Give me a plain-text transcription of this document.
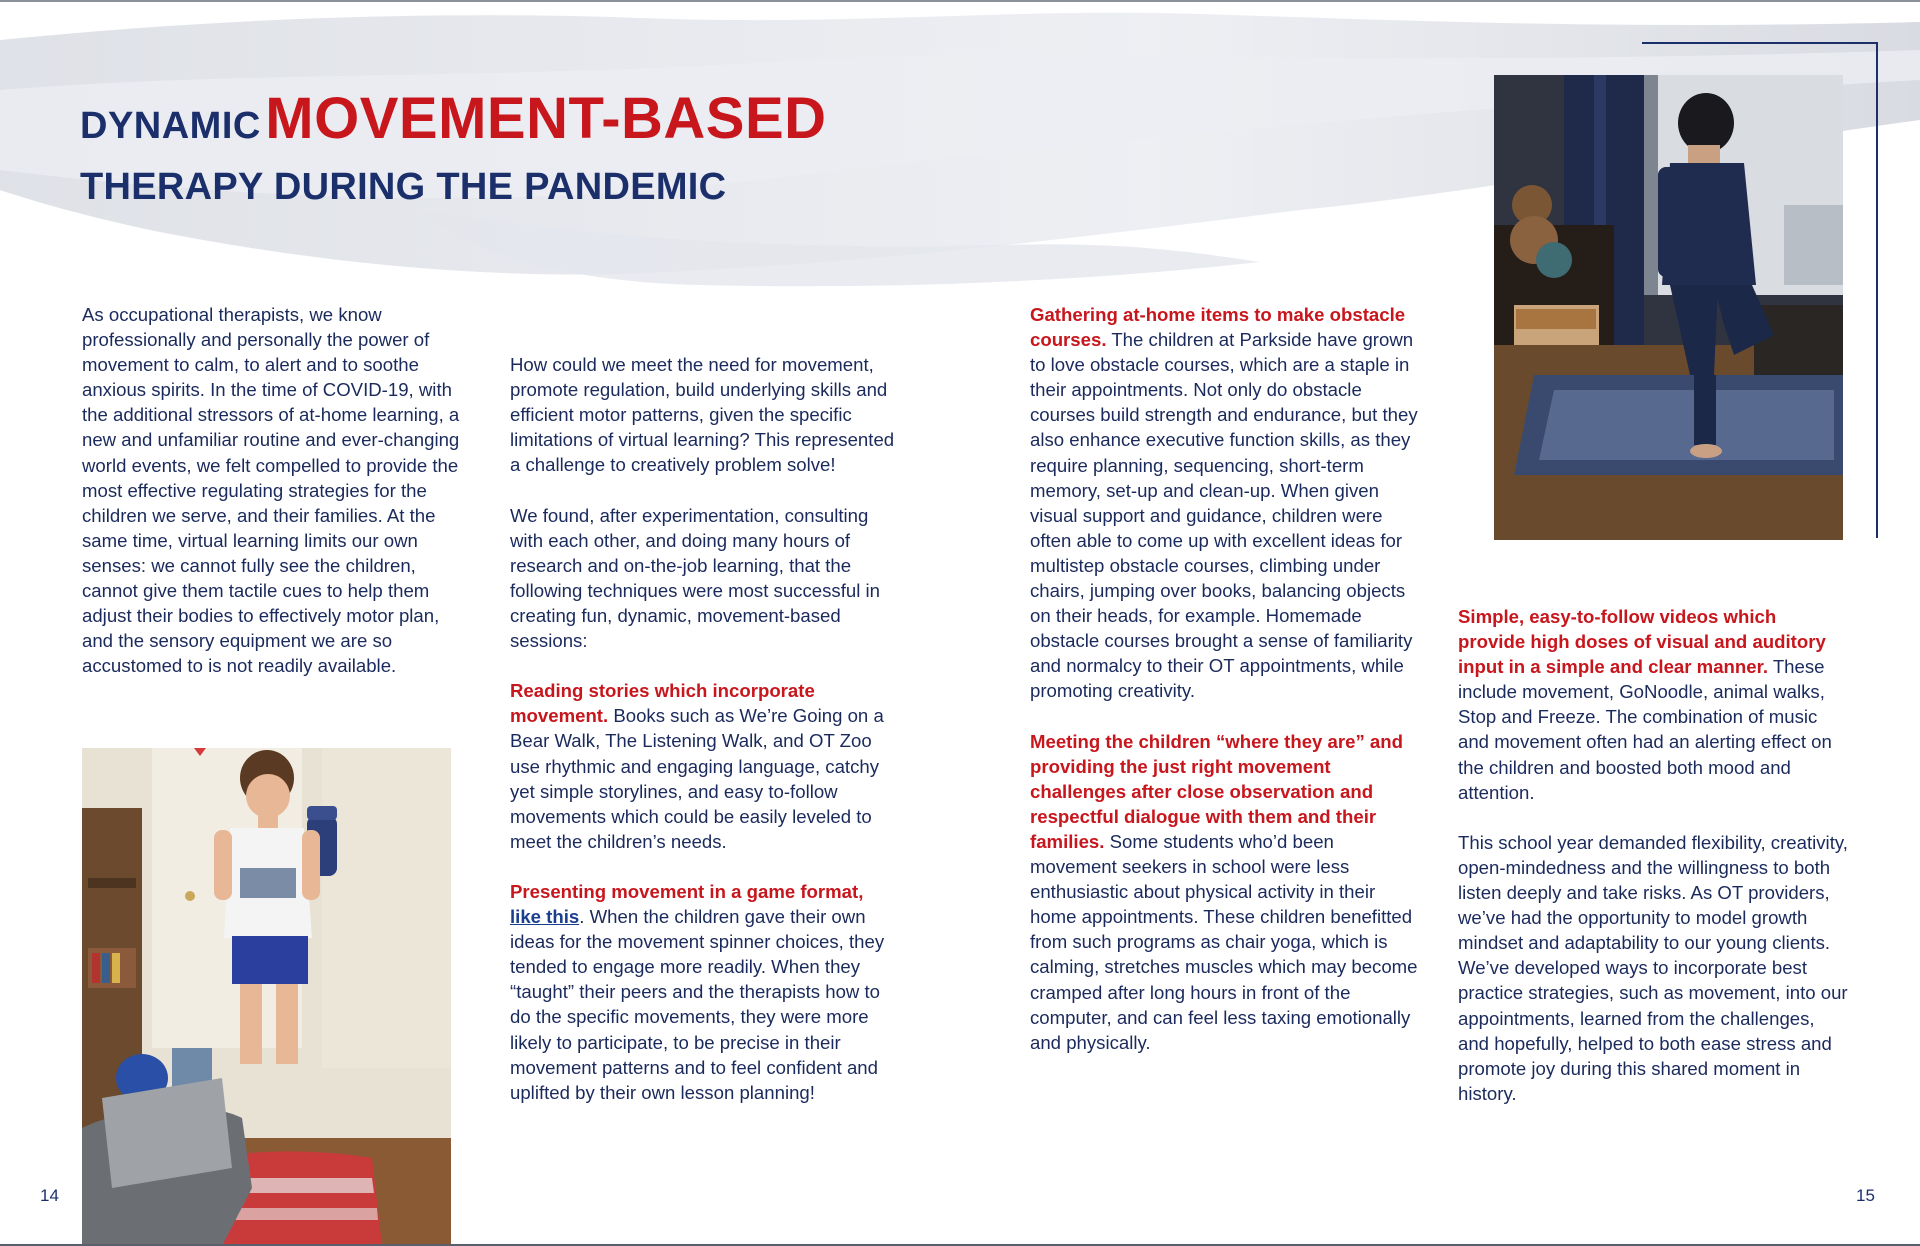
DYNAMIC MOVEMENT-BASED
THERAPY DURING THE PANDEMIC

As occupational therapists, we know professionally and personally the power of movement to calm, to alert and to soothe anxious spirits. In the time of COVID-19, with the additional stressors of at-home learning, a new and unfamiliar routine and ever-changing world events, we felt compelled to provide the most effective regulating strategies for the children we serve, and their families. At the same time, virtual learning limits our own senses: we cannot fully see the children, cannot give them tactile cues to help them adjust their bodies to effectively motor plan, and the sensory equipment we are so accustomed to is not readily available.

How could we meet the need for movement, promote regulation, build underlying skills and efficient motor patterns, given the specific limitations of virtual learning? This represented a challenge to creatively problem solve!

We found, after experimentation, consulting with each other, and doing many hours of research and on-the-job learning, that the following techniques were most successful in creating fun, dynamic, movement-based sessions:

Reading stories which incorporate movement. Books such as We’re Going on a Bear Walk, The Listening Walk, and OT Zoo use rhythmic and engaging language, catchy yet simple storylines, and easy to-follow movements which could be easily leveled to meet the children’s needs.

Presenting movement in a game format,
like this. When the children gave their own ideas for the movement spinner choices, they tended to engage more readily. When they “taught” their peers and the therapists how to do the specific movements, they were more likely to participate, to be precise in their movement patterns and to feel confident and uplifted by their own lesson planning!

Gathering at-home items to make obstacle courses. The children at Parkside have grown to love obstacle courses, which are a staple in their appointments. Not only do obstacle courses build strength and endurance, but they also enhance executive function skills, as they require planning, sequencing, short-term memory, set-up and clean-up. When given visual support and guidance, children were often able to come up with excellent ideas for multistep obstacle courses, climbing under chairs, jumping over books, balancing objects on their heads, for example. Homemade obstacle courses brought a sense of familiarity and normalcy to their OT appointments, while promoting creativity.

Meeting the children “where they are” and providing the just right movement challenges after close observation and respectful dialogue with them and their families. Some students who’d been movement seekers in school were less enthusiastic about physical activity in their home appointments. These children benefitted from such programs as chair yoga, which is calming, stretches muscles which may become cramped after long hours in front of the computer, and can feel less taxing emotionally and physically.

Simple, easy-to-follow videos which provide high doses of visual and auditory input in a simple and clear manner. These include movement, GoNoodle, animal walks, Stop and Freeze. The combination of music and movement often had an alerting effect on the children and boosted both mood and attention.

This school year demanded flexibility, creativity, open-mindedness and the willingness to both listen deeply and take risks. As OT providers, we’ve had the opportunity to model growth mindset and adaptability to our young clients. We’ve developed ways to incorporate best practice strategies, such as movement, into our appointments, learned from the challenges, and hopefully, helped to both ease stress and promote joy during this shared moment in history.

14	15
